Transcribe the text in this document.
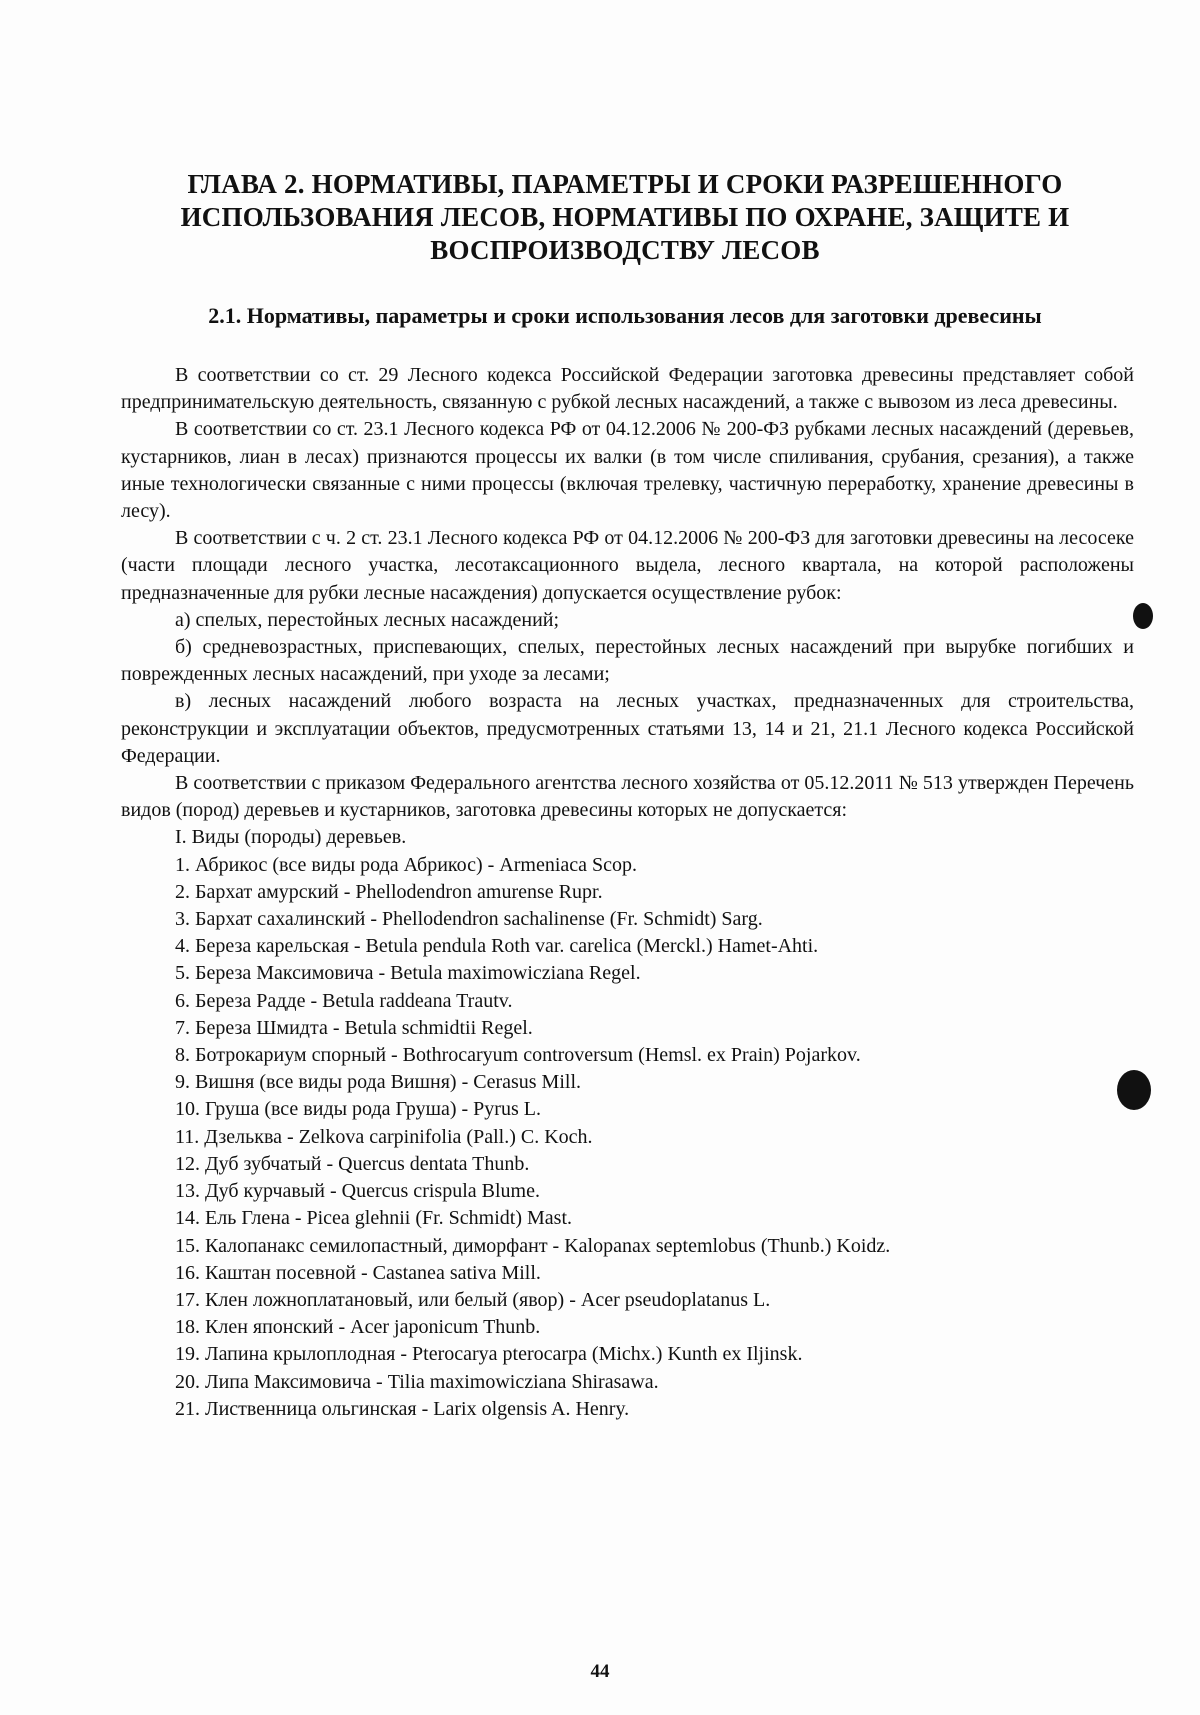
ГЛАВА 2. НОРМАТИВЫ, ПАРАМЕТРЫ И СРОКИ РАЗРЕШЕННОГО ИСПОЛЬЗОВАНИЯ ЛЕСОВ, НОРМАТИВЫ ПО ОХРАНЕ, ЗАЩИТЕ И ВОСПРОИЗВОДСТВУ ЛЕСОВ
2.1. Нормативы, параметры и сроки использования лесов для заготовки древесины

В соответствии со ст. 29 Лесного кодекса Российской Федерации заготовка древесины представляет собой предпринимательскую деятельность, связанную с рубкой лесных насаждений, а также с вывозом из леса древесины.

В соответствии со ст. 23.1 Лесного кодекса РФ от 04.12.2006 № 200-ФЗ рубками лесных насаждений (деревьев, кустарников, лиан в лесах) признаются процессы их валки (в том числе спиливания, срубания, срезания), а также иные технологически связанные с ними процессы (включая трелевку, частичную переработку, хранение древесины в лесу).

В соответствии с ч. 2 ст. 23.1 Лесного кодекса РФ от 04.12.2006 № 200-ФЗ для заготовки древесины на лесосеке (части площади лесного участка, лесотаксационного выдела, лесного квартала, на которой расположены предназначенные для рубки лесные насаждения) допускается осуществление рубок:

а) спелых, перестойных лесных насаждений;

б) средневозрастных, приспевающих, спелых, перестойных лесных насаждений при вырубке погибших и поврежденных лесных насаждений, при уходе за лесами;

в) лесных насаждений любого возраста на лесных участках, предназначенных для строительства, реконструкции и эксплуатации объектов, предусмотренных статьями 13, 14 и 21, 21.1 Лесного кодекса Российской Федерации.

В соответствии с приказом Федерального агентства лесного хозяйства от 05.12.2011 № 513 утвержден Перечень видов (пород) деревьев и кустарников, заготовка древесины которых не допускается:

I. Виды (породы) деревьев.
1. Абрикос (все виды рода Абрикос) - Armeniaca Scop.
2. Бархат амурский - Phellodendron amurense Rupr.
3. Бархат сахалинский - Phellodendron sachalinense (Fr. Schmidt) Sarg.
4. Береза карельская - Betula pendula Roth var. carelica (Merckl.) Hamet-Ahti.
5. Береза Максимовича - Betula maximowicziana Regel.
6. Береза Радде - Betula raddeana Trautv.
7. Береза Шмидта - Betula schmidtii Regel.
8. Ботрокариум спорный - Bothrocaryum controversum (Hemsl. ex Prain) Pojarkov.
9. Вишня (все виды рода Вишня) - Cerasus Mill.
10. Груша (все виды рода Груша) - Pyrus L.
11. Дзельква - Zelkova carpinifolia (Pall.) C. Koch.
12. Дуб зубчатый - Quercus dentata Thunb.
13. Дуб курчавый - Quercus crispula Blume.
14. Ель Глена - Picea glehnii (Fr. Schmidt) Mast.
15. Калопанакс семилопастный, диморфант - Kalopanax septemlobus (Thunb.) Koidz.
16. Каштан посевной - Castanea sativa Mill.
17. Клен ложноплатановый, или белый (явор) - Acer pseudoplatanus L.
18. Клен японский - Acer japonicum Thunb.
19. Лапина крылоплодная - Pterocarya pterocarpa (Michx.) Kunth ex Iljinsk.
20. Липа Максимовича - Tilia maximowicziana Shirasawa.
21. Лиственница ольгинская - Larix olgensis A. Henry.
44
